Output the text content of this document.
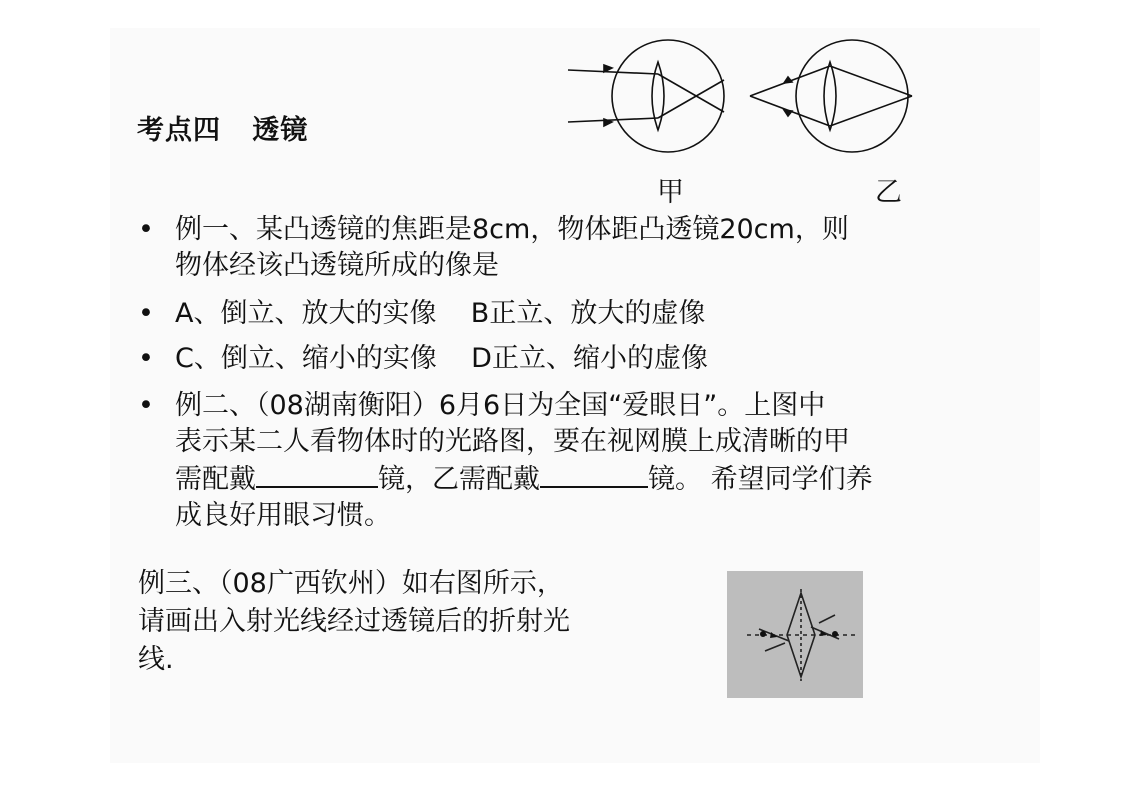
考点四   透镜
甲	乙
• 例一、某凸透镜的焦距是8cm，物体距凸透镜20cm，则
物体经该凸透镜所成的像是
• A、倒立、放大的实像    B正立、放大的虚像
• C、倒立、缩小的实像    D正立、缩小的虚像
• 例二、（08湖南衡阳）6月6日为全国“爱眼日”。上图中
表示某二人看物体时的光路图，要在视网膜上成清晰的甲
需配戴	镜，乙需配戴	镜。 希望同学们养
成良好用眼习惯。
例三、（08广西钦州）如右图所示，
请画出入射光线经过透镜后的折射光
线.
